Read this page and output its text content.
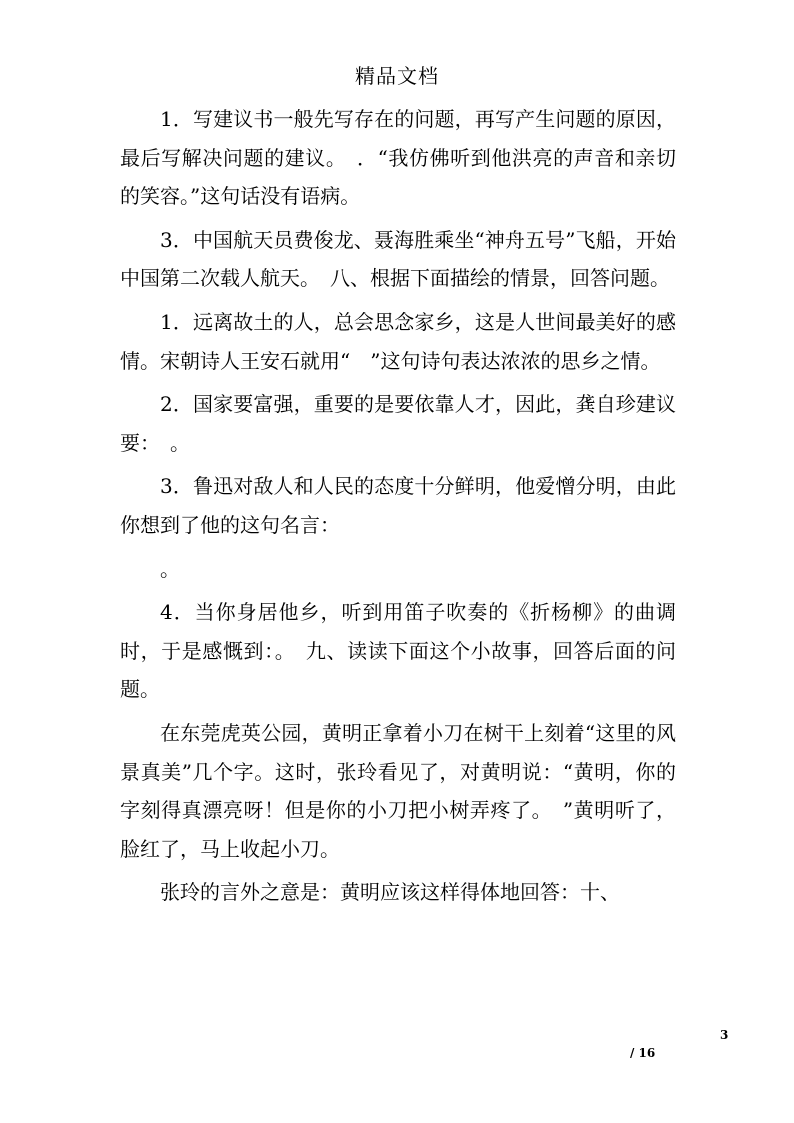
精品文档

1．写建议书一般先写存在的问题，再写产生问题的原因，最后写解决问题的建议。　．“我仿佛听到他洪亮的声音和亲切的笑容。”这句话没有语病。

3．中国航天员费俊龙、聂海胜乘坐“神舟五号”飞船，开始中国第二次载人航天。　八、根据下面描绘的情景，回答问题。

1．远离故土的人，总会思念家乡，这是人世间最美好的感情。宋朝诗人王安石就用“　”这句诗句表达浓浓的思乡之情。

2．国家要富强，重要的是要依靠人才，因此，龚自珍建议要：　。

3．鲁迅对敌人和人民的态度十分鲜明，他爱憎分明，由此你想到了他的这句名言：

。

4．当你身居他乡，听到用笛子吹奏的《折杨柳》的曲调时，于是感慨到：。　九、读读下面这个小故事，回答后面的问题。

在东莞虎英公园，黄明正拿着小刀在树干上刻着“这里的风景真美”几个字。这时，张玲看见了，对黄明说：“黄明，你的字刻得真漂亮呀！但是你的小刀把小树弄疼了。　”黄明听了，脸红了，马上收起小刀。

张玲的言外之意是：黄明应该这样得体地回答：十、

3
/ 16
